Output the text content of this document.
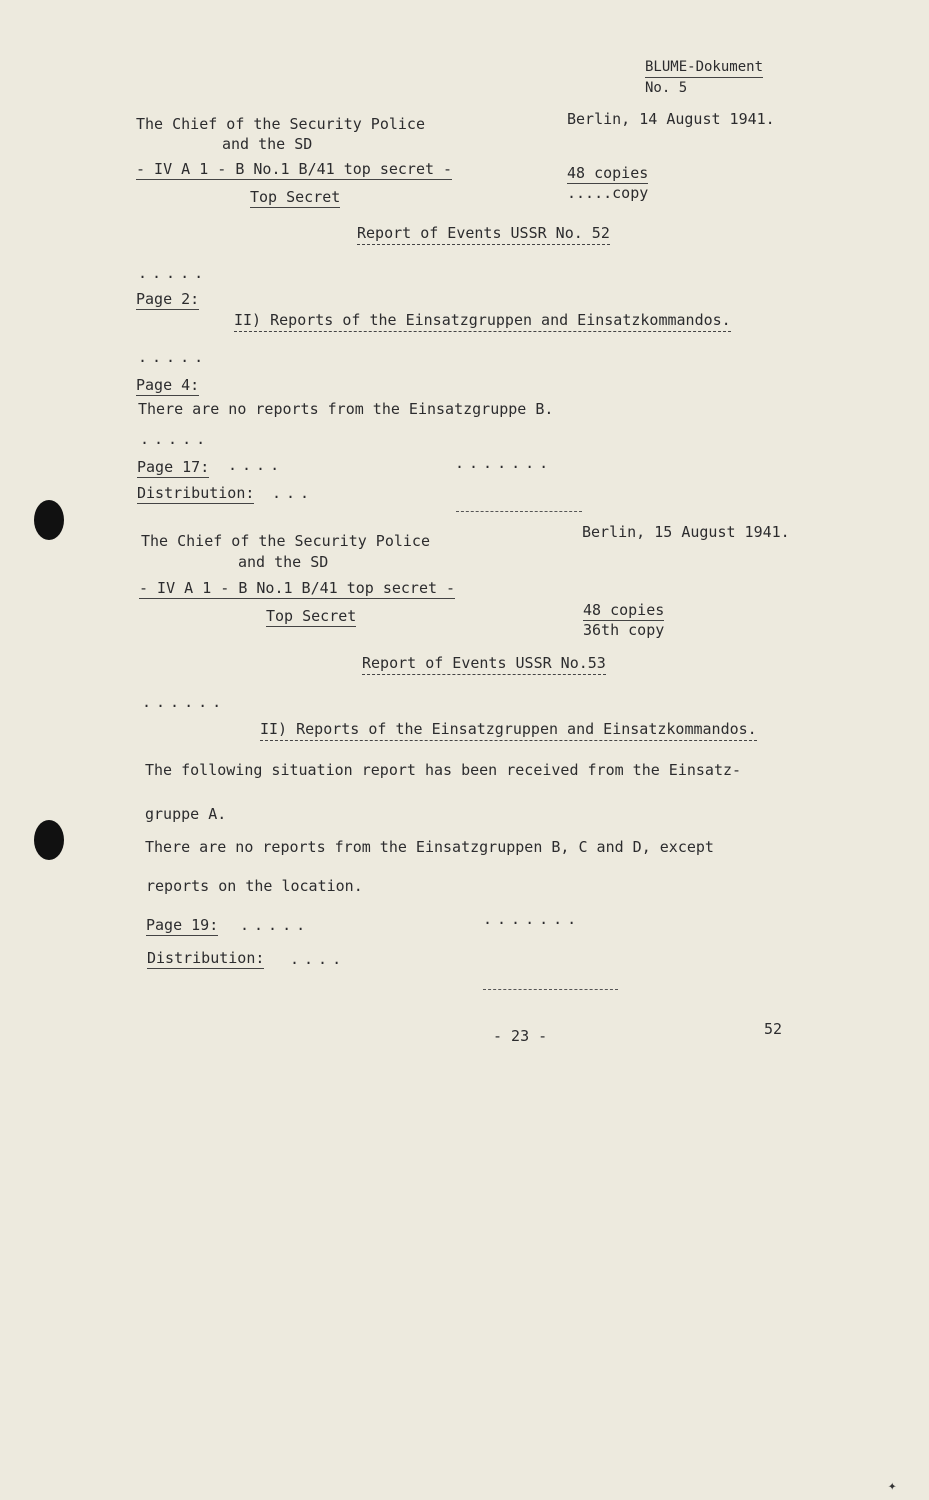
BLUME-Dokument
No. 5
The Chief of the Security Police
and the SD
- IV A 1 - B No.1 B/41 top secret -
Top Secret
Berlin, 14 August 1941.
48 copies
.....copy
Report of Events USSR No. 52
.....
Page 2:
II) Reports of the Einsatzgruppen and Einsatzkommandos.
.....
Page 4:
There are no reports from the Einsatzgruppe B.
.....
Page 17: ....	.......
Distribution: ...
The Chief of the Security Police
and the SD
- IV A 1 - B No.1 B/41 top secret -
Top Secret
Berlin, 15 August 1941.
48 copies
36th copy
Report of Events USSR No.53
......
II) Reports of the Einsatzgruppen and Einsatzkommandos.
The following situation report has been received from the Einsatz-
gruppe A.
There are no reports from the Einsatzgruppen B, C and D, except
reports on the location.
Page 19: .....	.......
Distribution: ....
- 23 -	52
✦
